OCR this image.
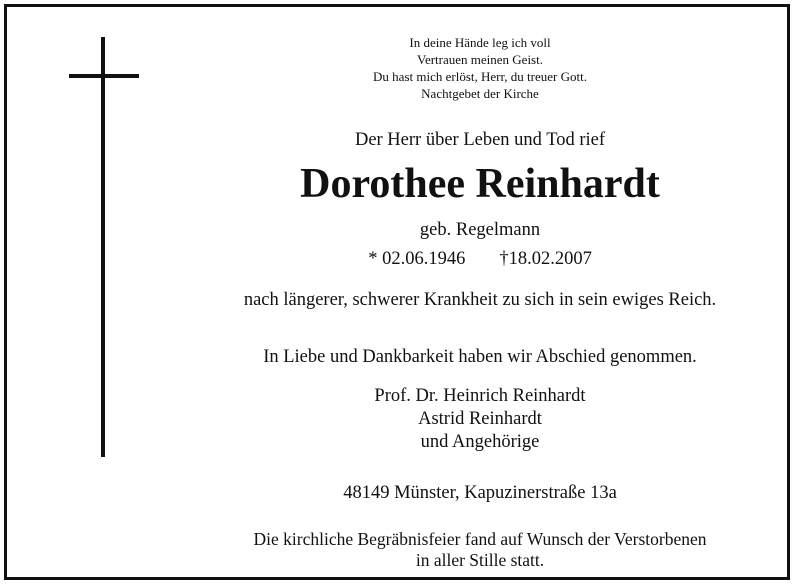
In deine Hände leg ich voll
Vertrauen meinen Geist.
Du hast mich erlöst, Herr, du treuer Gott.
Nachtgebet der Kirche
Der Herr über Leben und Tod rief
Dorothee Reinhardt
geb. Regelmann
* 02.06.1946 †18.02.2007
nach längerer, schwerer Krankheit zu sich in sein ewiges Reich.
In Liebe und Dankbarkeit haben wir Abschied genommen.
Prof. Dr. Heinrich Reinhardt
Astrid Reinhardt
und Angehörige
48149 Münster, Kapuzinerstraße 13a
Die kirchliche Begräbnisfeier fand auf Wunsch der Verstorbenen
in aller Stille statt.
